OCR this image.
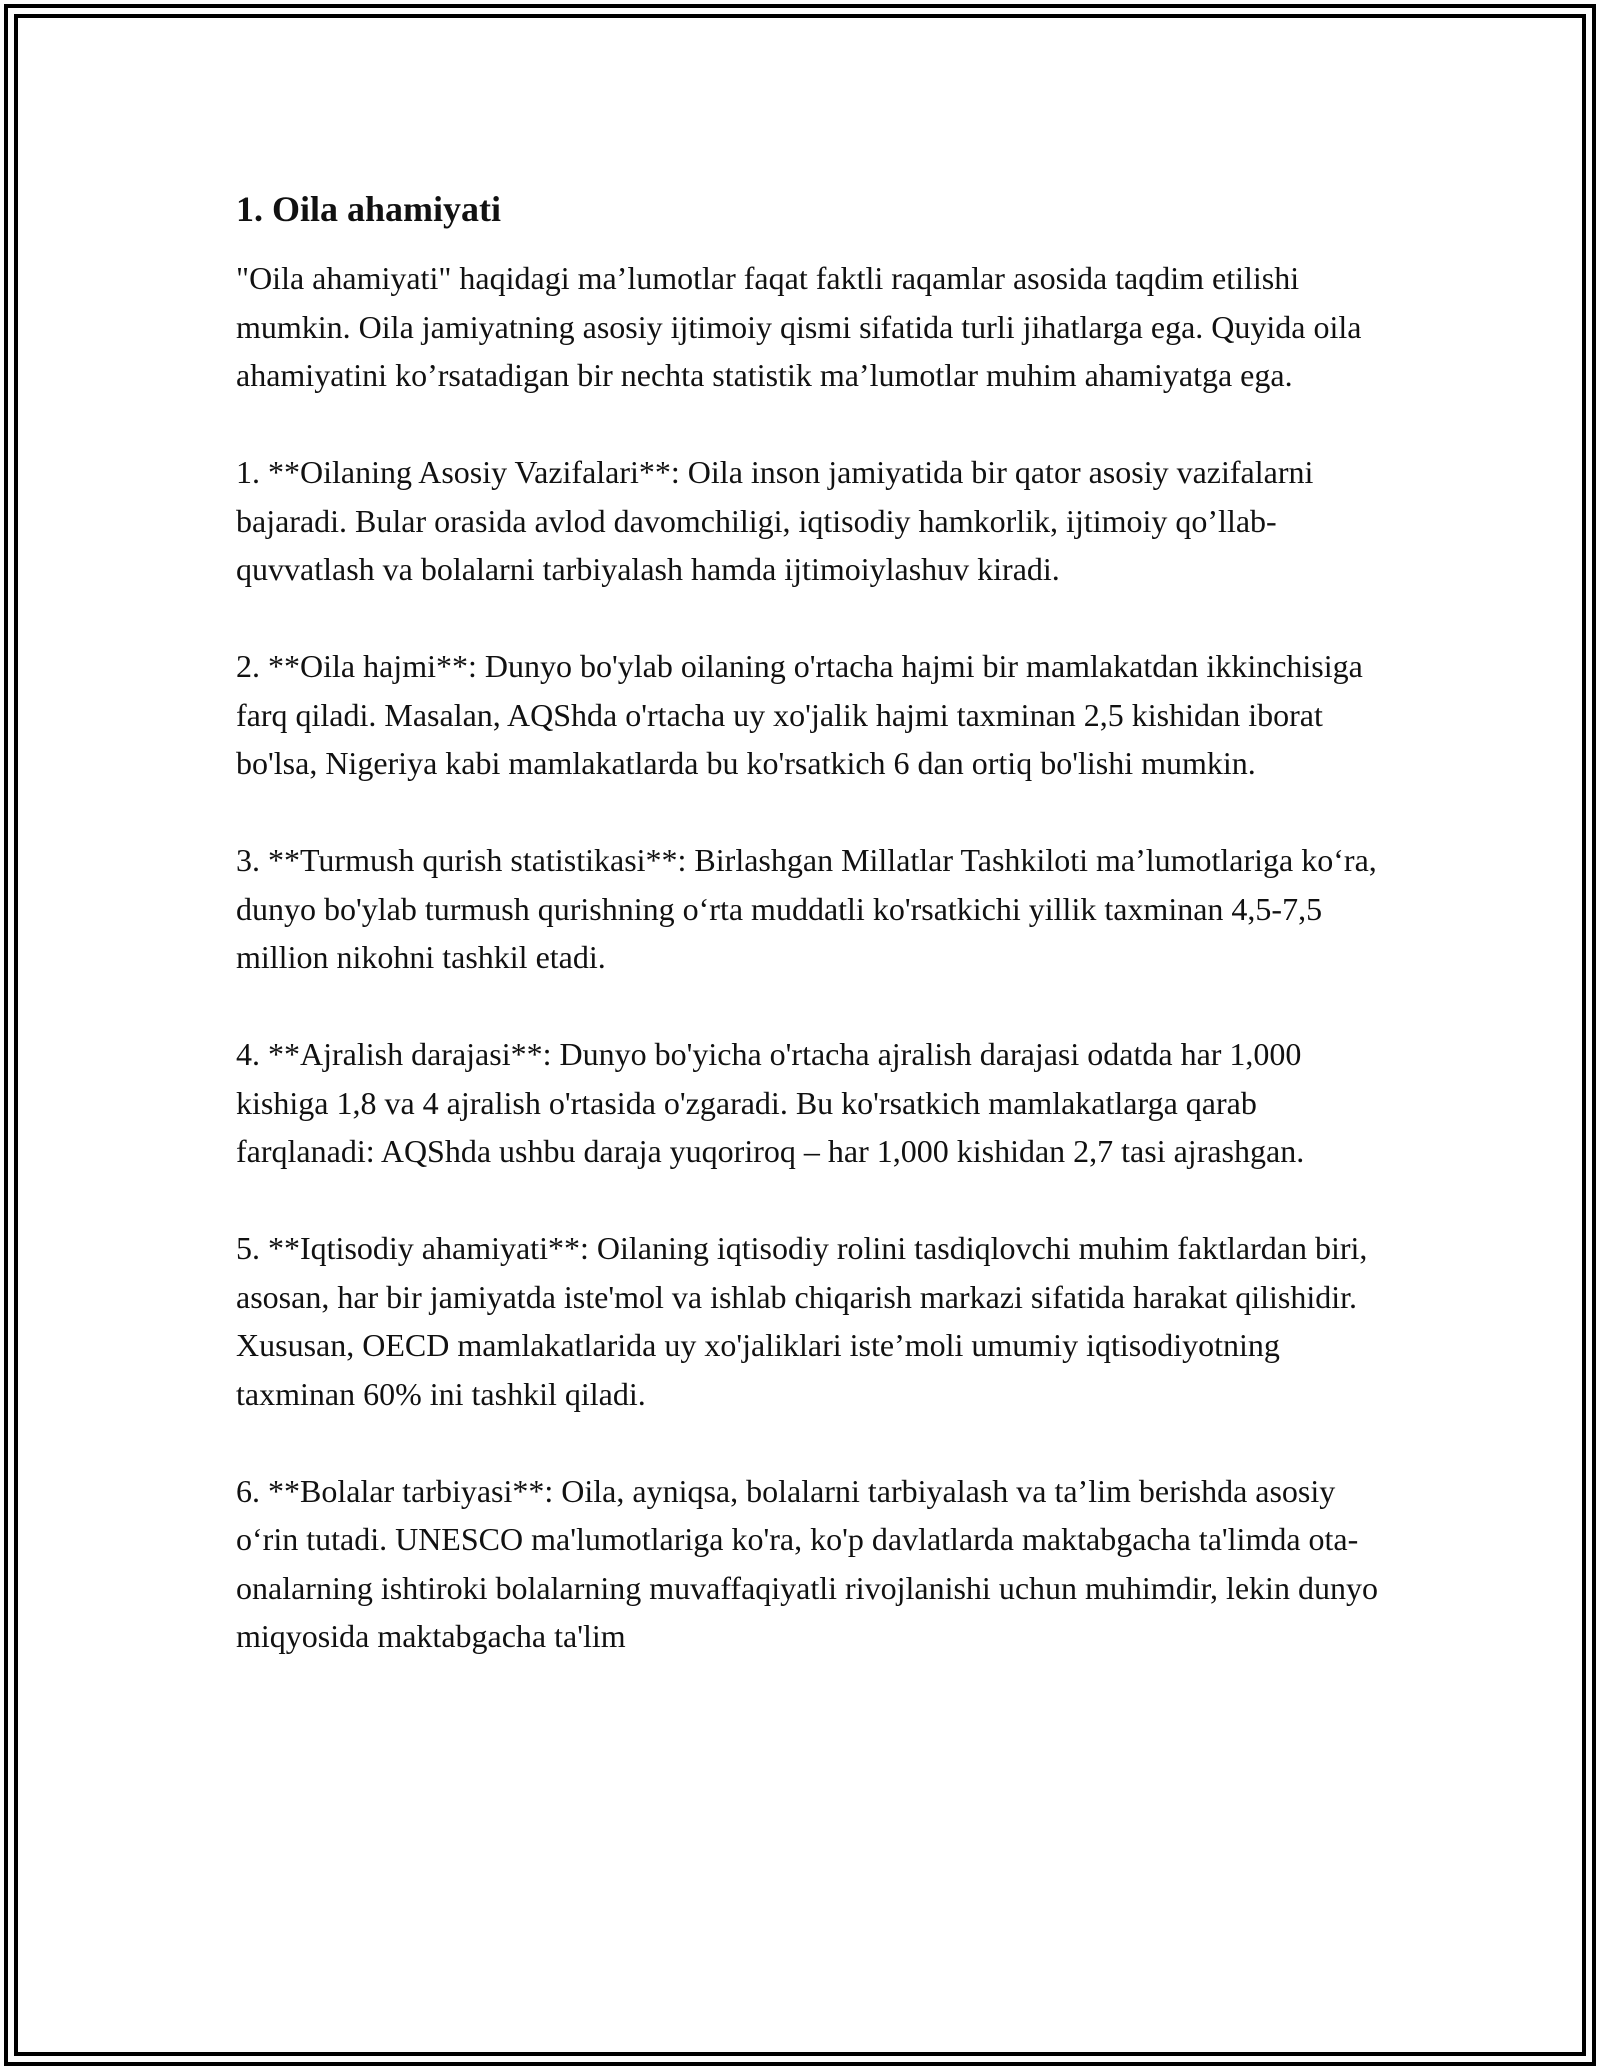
1. Oila ahamiyati

"Oila ahamiyati" haqidagi ma’lumotlar faqat faktli raqamlar asosida taqdim etilishi mumkin. Oila jamiyatning asosiy ijtimoiy qismi sifatida turli jihatlarga ega. Quyida oila ahamiyatini ko’rsatadigan bir nechta statistik ma’lumotlar muhim ahamiyatga ega.

1. **Oilaning Asosiy Vazifalari**: Oila inson jamiyatida bir qator asosiy vazifalarni bajaradi. Bular orasida avlod davomchiligi, iqtisodiy hamkorlik, ijtimoiy qo’llab-quvvatlash va bolalarni tarbiyalash hamda ijtimoiylashuv kiradi.

2. **Oila hajmi**: Dunyo bo'ylab oilaning o'rtacha hajmi bir mamlakatdan ikkinchisiga farq qiladi. Masalan, AQShda o'rtacha uy xo'jalik hajmi taxminan 2,5 kishidan iborat bo'lsa, Nigeriya kabi mamlakatlarda bu ko'rsatkich 6 dan ortiq bo'lishi mumkin.

3. **Turmush qurish statistikasi**: Birlashgan Millatlar Tashkiloti ma’lumotlariga ko‘ra, dunyo bo'ylab turmush qurishning o‘rta muddatli ko'rsatkichi yillik taxminan 4,5-7,5 million nikohni tashkil etadi.

4. **Ajralish darajasi**: Dunyo bo'yicha o'rtacha ajralish darajasi odatda har 1,000 kishiga 1,8 va 4 ajralish o'rtasida o'zgaradi. Bu ko'rsatkich mamlakatlarga qarab farqlanadi: AQShda ushbu daraja yuqoriroq – har 1,000 kishidan 2,7 tasi ajrashgan.

5. **Iqtisodiy ahamiyati**: Oilaning iqtisodiy rolini tasdiqlovchi muhim faktlardan biri, asosan, har bir jamiyatda iste'mol va ishlab chiqarish markazi sifatida harakat qilishidir. Xususan, OECD mamlakatlarida uy xo'jaliklari iste’moli umumiy iqtisodiyotning taxminan 60% ini tashkil qiladi.

6. **Bolalar tarbiyasi**: Oila, ayniqsa, bolalarni tarbiyalash va ta’lim berishda asosiy o‘rin tutadi. UNESCO ma'lumotlariga ko'ra, ko'p davlatlarda maktabgacha ta'limda ota-onalarning ishtiroki bolalarning muvaffaqiyatli rivojlanishi uchun muhimdir, lekin dunyo miqyosida maktabgacha ta'lim
